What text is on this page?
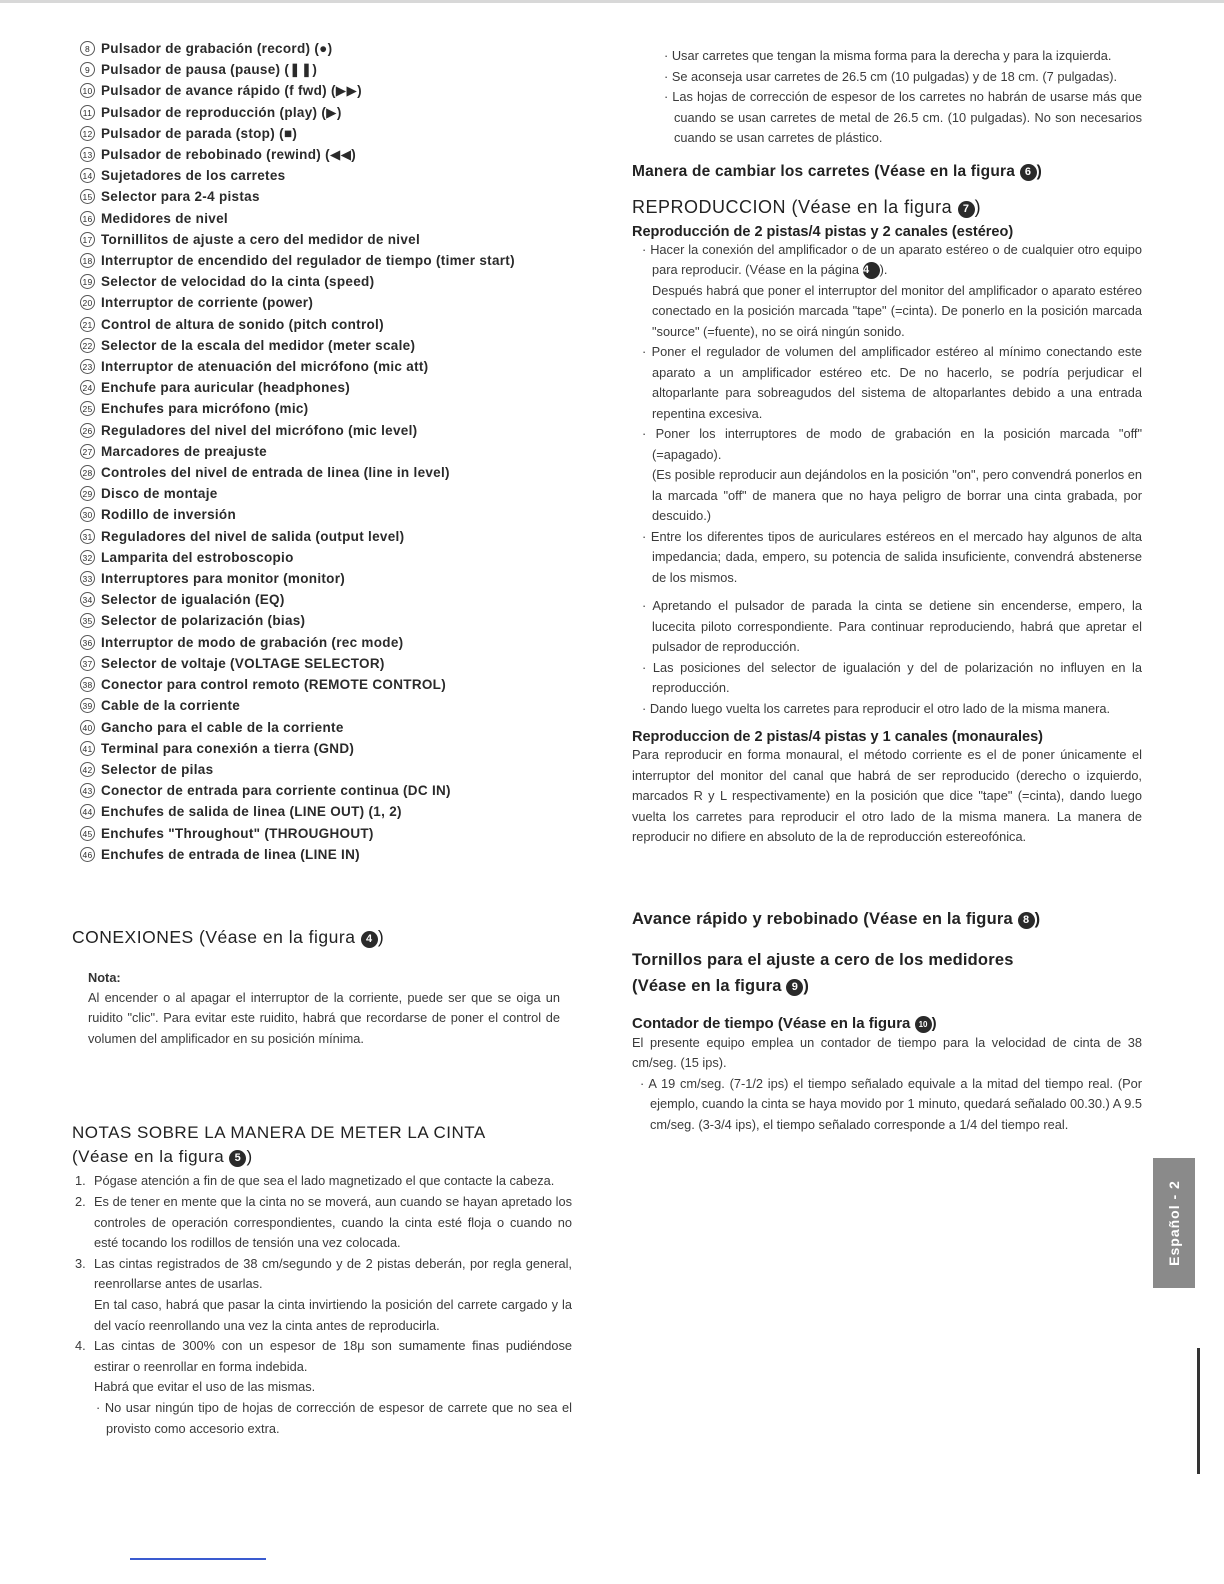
8 Pulsador de grabación (record) (●)
9 Pulsador de pausa (pause) (❚❚)
10 Pulsador de avance rápido (f fwd) (▶▶)
11 Pulsador de reproducción (play) (▶)
12 Pulsador de parada (stop) (■)
13 Pulsador de rebobinado (rewind) (◀◀)
14 Sujetadores de los carretes
15 Selector para 2-4 pistas
16 Medidores de nivel
17 Tornillitos de ajuste a cero del medidor de nivel
18 Interruptor de encendido del regulador de tiempo (timer start)
19 Selector de velocidad do la cinta (speed)
20 Interruptor de corriente (power)
21 Control de altura de sonido (pitch control)
22 Selector de la escala del medidor (meter scale)
23 Interruptor de atenuación del micrófono (mic att)
24 Enchufe para auricular (headphones)
25 Enchufes para micrófono (mic)
26 Reguladores del nivel del micrófono (mic level)
27 Marcadores de preajuste
28 Controles del nivel de entrada de linea (line in level)
29 Disco de montaje
30 Rodillo de inversión
31 Reguladores del nivel de salida (output level)
32 Lamparita del estroboscopio
33 Interruptores para monitor (monitor)
34 Selector de igualación (EQ)
35 Selector de polarización (bias)
36 Interruptor de modo de grabación (rec mode)
37 Selector de voltaje (VOLTAGE SELECTOR)
38 Conector para control remoto (REMOTE CONTROL)
39 Cable de la corriente
40 Gancho para el cable de la corriente
41 Terminal para conexión a tierra (GND)
42 Selector de pilas
43 Conector de entrada para corriente continua (DC IN)
44 Enchufes de salida de linea (LINE OUT) (1, 2)
45 Enchufes "Throughout" (THROUGHOUT)
46 Enchufes de entrada de linea (LINE IN)
CONEXIONES (Véase en la figura 4 )
Nota:

Al encender o al apagar el interruptor de la corriente, puede ser que se oiga un ruidito "clic". Para evitar este ruidito, habrá que recordarse de poner el control de volumen del amplificador en su posición mínima.

NOTAS SOBRE LA MANERA DE METER LA CINTA
(Véase en la figura 5 )
1. Pógase atención a fin de que sea el lado magnetizado el que contacte la cabeza.
2. Es de tener en mente que la cinta no se moverá, aun cuando se hayan apretado los controles de operación correspondientes, cuando la cinta esté floja o cuando no esté tocando los rodillos de tensión una vez colocada.
3. Las cintas registrados de 38 cm/segundo y de 2 pistas deberán, por regla general, reenrollarse antes de usarlas.
En tal caso, habrá que pasar la cinta invirtiendo la posición del carrete cargado y la del vacío reenrollando una vez la cinta antes de reproducirla.
4. Las cintas de 300% con un espesor de 18μ son sumamente finas pudiéndose estirar o reenrollar en forma indebida.
Habrá que evitar el uso de las mismas.
· No usar ningún tipo de hojas de corrección de espesor de carrete que no sea el provisto como accesorio extra.
· Usar carretes que tengan la misma forma para la derecha y para la izquierda.
· Se aconseja usar carretes de 26.5 cm (10 pulgadas) y de 18 cm. (7 pulgadas).
· Las hojas de corrección de espesor de los carretes no habrán de usarse más que cuando se usan carretes de metal de 26.5 cm. (10 pulgadas). No son necesarios cuando se usan carretes de plástico.
Manera de cambiar los carretes (Véase en la figura 6 )
REPRODUCCION (Véase en la figura 7 )
Reproducción de 2 pistas/4 pistas y 2 canales (estéreo)
· Hacer la conexión del amplificador o de un aparato estéreo o de cualquier otro equipo para reproducir. (Véase en la página 4 ).
Después habrá que poner el interruptor del monitor del amplificador o aparato estéreo conectado en la posición marcada "tape" (=cinta). De ponerlo en la posición marcada "source" (=fuente), no se oirá ningún sonido.
· Poner el regulador de volumen del amplificador estéreo al mínimo conectando este aparato a un amplificador estéreo etc. De no hacerlo, se podría perjudicar el altoparlante para sobreagudos del sistema de altoparlantes debido a una entrada repentina excesiva.
· Poner los interruptores de modo de grabación en la posición marcada "off" (=apagado).
(Es posible reproducir aun dejándolos en la posición "on", pero convendrá ponerlos en la marcada "off" de manera que no haya peligro de borrar una cinta grabada, por descuido.)
· Entre los diferentes tipos de auriculares estéreos en el mercado hay algunos de alta impedancia; dada, empero, su potencia de salida insuficiente, convendrá abstenerse de los mismos.
· Apretando el pulsador de parada la cinta se detiene sin encenderse, empero, la lucecita piloto correspondiente. Para continuar reproduciendo, habrá que apretar el pulsador de reproducción.
· Las posiciones del selector de igualación y del de polarización no influyen en la reproducción.
· Dando luego vuelta los carretes para reproducir el otro lado de la misma manera.
Reproduccion de 2 pistas/4 pistas y 1 canales (monaurales)

Para reproducir en forma monaural, el método corriente es el de poner únicamente el interruptor del monitor del canal que habrá de ser reproducido (derecho o izquierdo, marcados R y L respectivamente) en la posición que dice "tape" (=cinta), dando luego vuelta los carretes para reproducir el otro lado de la misma manera. La manera de reproducir no difiere en absoluto de la de reproducción estereofónica.

Avance rápido y rebobinado (Véase en la figura 8 )
Tornillos para el ajuste a cero de los medidores
(Véase en la figura 9 )
Contador de tiempo (Véase en la figura 10 )

El presente equipo emplea un contador de tiempo para la velocidad de cinta de 38 cm/seg. (15 ips).

· A 19 cm/seg. (7-1/2 ips) el tiempo señalado equivale a la mitad del tiempo real. (Por ejemplo, cuando la cinta se haya movido por 1 minuto, quedará señalado 00.30.) A 9.5 cm/seg. (3-3/4 ips), el tiempo señalado corresponde a 1/4 del tiempo real.
Español - 2
